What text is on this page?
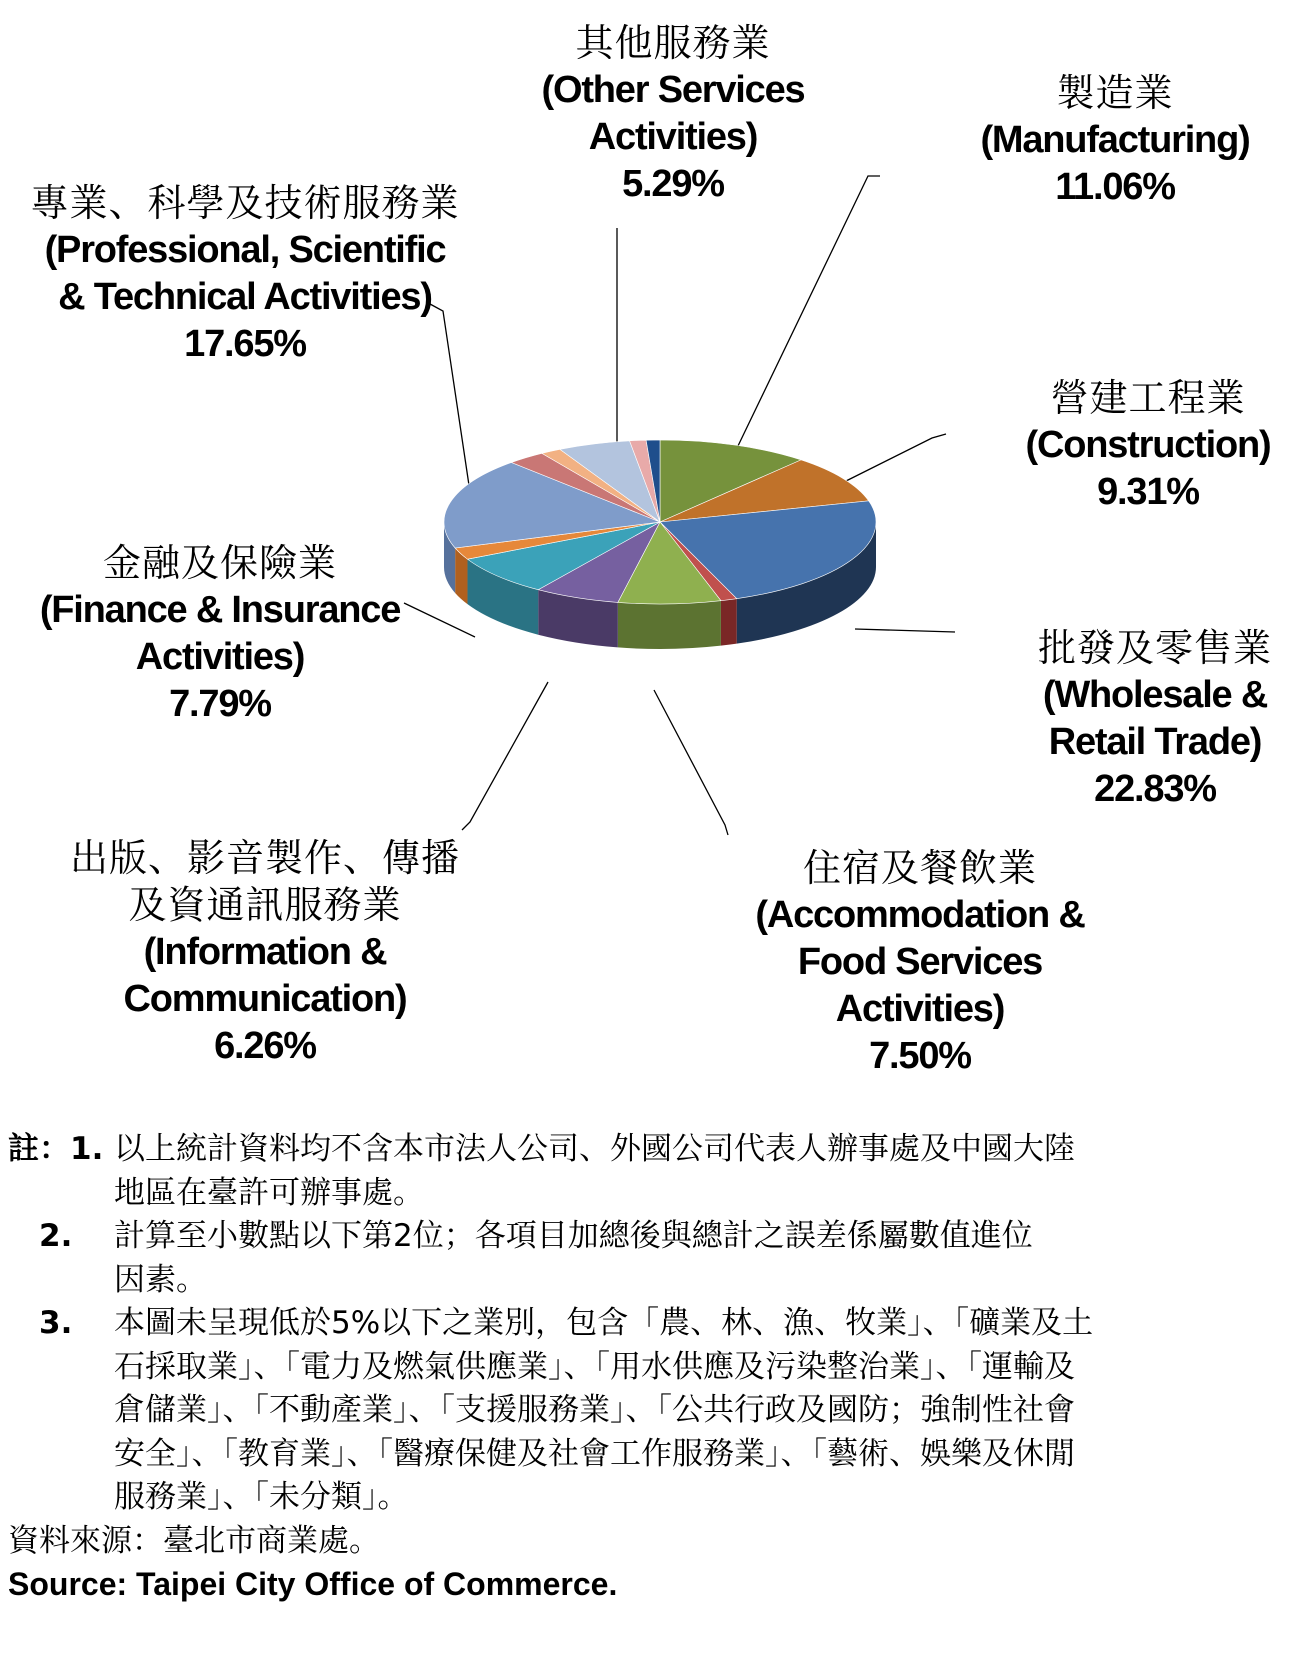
其他服務業
(Other Services
Activities)
5.29%
製造業
(Manufacturing)
11.06%
專業、科學及技術服務業
(Professional, Scientific
& Technical Activities)
17.65%
營建工程業
(Construction)
9.31%
金融及保險業
(Finance & Insurance
Activities)
7.79%
批發及零售業
(Wholesale &
Retail Trade)
22.83%
出版、影音製作、傳播
及資通訊服務業
(Information &
Communication)
6.26%
住宿及餐飲業
(Accommodation &
Food Services
Activities)
7.50%
註：1. 以上統計資料均不含本市法人公司、外國公司代表人辦事處及中國大陸
地區在臺許可辦事處。
2.	計算至小數點以下第2位；各項目加總後與總計之誤差係屬數值進位
因素。
3.	本圖未呈現低於5%以下之業別，包含「農、林、漁、牧業」、「礦業及土
石採取業」、「電力及燃氣供應業」、「用水供應及污染整治業」、「運輸及
倉儲業」、「不動產業」、「支援服務業」、「公共行政及國防；強制性社會
安全」、「教育業」、「醫療保健及社會工作服務業」、「藝術、娛樂及休閒
服務業」、「未分類」。
資料來源：臺北市商業處。
Source: Taipei City Office of Commerce.
